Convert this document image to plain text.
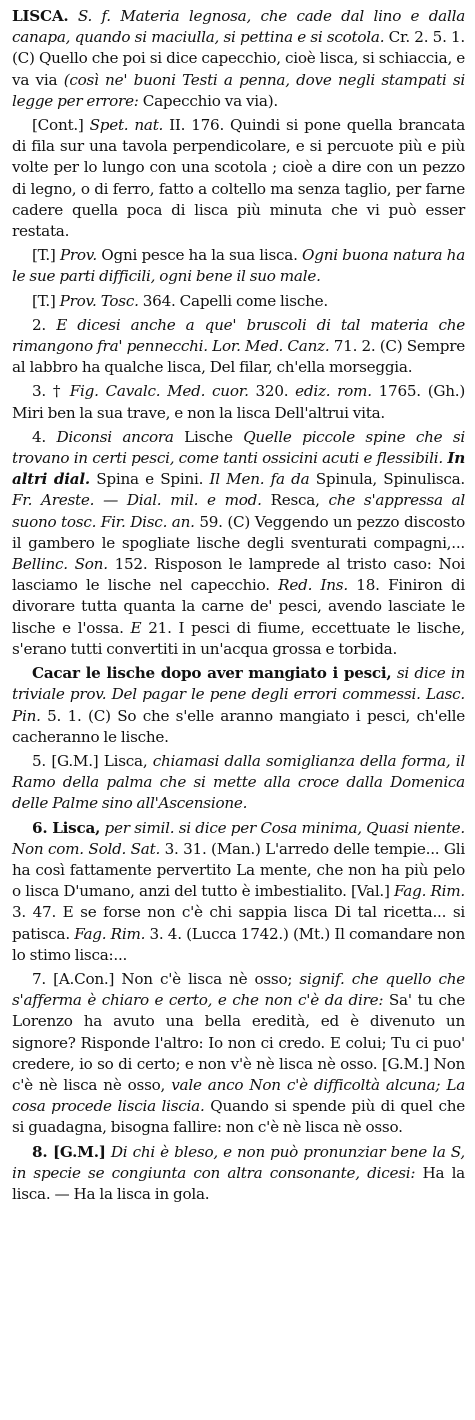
LISCA. S. f. Materia legnosa, che cade dal lino e dalla canapa, quando si maciulla, si pettina e si scotola. Cr. 2. 5. 1. (C) Quello che poi si dice capecchio, cioè lisca, si schiaccia, e va via (così ne' buoni Testi a penna, dove negli stampati si legge per errore: Capecchio va via).

[Cont.] Spet. nat. II. 176. Quindi si pone quella brancata di fila sur una tavola perpendicolare, e si percuote più e più volte per lo lungo con una scotola ; cioè a dire con un pezzo di legno, o di ferro, fatto a coltello ma senza taglio, per farne cadere quella poca di lisca più minuta che vi può esser restata.

[T.] Prov. Ogni pesce ha la sua lisca. Ogni buona natura ha le sue parti difficili, ogni bene il suo male.

[T.] Prov. Tosc. 364. Capelli come lische.

2. E dicesi anche a que' bruscoli di tal materia che rimangono fra' pennecchi. Lor. Med. Canz. 71. 2. (C) Sempre al labbro ha qualche lisca, Del filar, ch'ella morseggia.

3. † Fig. Cavalc. Med. cuor. 320. ediz. rom. 1765. (Gh.) Miri ben la sua trave, e non la lisca Dell'altrui vita.

4. Diconsi ancora Lische Quelle piccole spine che si trovano in certi pesci, come tanti ossicini acuti e flessibili. In altri dial. Spina e Spini. Il Men. fa da Spinula, Spinulisca. Fr. Areste. — Dial. mil. e mod. Resca, che s'appressa al suono tosc. Fir. Disc. an. 59. (C) Veggendo un pezzo discosto il gambero le spogliate lische degli sventurati compagni,... Bellinc. Son. 152. Risposon le lamprede al tristo caso: Noi lasciamo le lische nel capecchio. Red. Ins. 18. Finiron di divorare tutta quanta la carne de' pesci, avendo lasciate le lische e l'ossa. E 21. I pesci di fiume, eccettuate le lische, s'erano tutti convertiti in un'acqua grossa e torbida.

Cacar le lische dopo aver mangiato i pesci, si dice in triviale prov. Del pagar le pene degli errori commessi. Lasc. Pin. 5. 1. (C) So che s'elle aranno mangiato i pesci, ch'elle cacheranno le lische.

5. [G.M.] Lisca, chiamasi dalla somiglianza della forma, il Ramo della palma che si mette alla croce dalla Domenica delle Palme sino all'Ascensione.

6. Lisca, per simil. si dice per Cosa minima, Quasi niente. Non com. Sold. Sat. 3. 31. (Man.) L'arredo delle tempie... Gli ha così fattamente pervertito La mente, che non ha più pelo o lisca D'umano, anzi del tutto è imbestialito. [Val.] Fag. Rim. 3. 47. E se forse non c'è chi sappia lisca Di tal ricetta... si patisca. Fag. Rim. 3. 4. (Lucca 1742.) (Mt.) Il comandare non lo stimo lisca:...

7. [A.Con.] Non c'è lisca nè osso; signif. che quello che s'afferma è chiaro e certo, e che non c'è da dire: Sa' tu che Lorenzo ha avuto una bella eredità, ed è divenuto un signore? Risponde l'altro: Io non ci credo. E colui; Tu ci puo' credere, io so di certo; e non v'è nè lisca nè osso. [G.M.] Non c'è nè lisca nè osso, vale anco Non c'è difficoltà alcuna; La cosa procede liscia liscia. Quando si spende più di quel che si guadagna, bisogna fallire: non c'è nè lisca nè osso.

8. [G.M.] Di chi è bleso, e non può pronunziar bene la S, in specie se congiunta con altra consonante, dicesi: Ha la lisca. — Ha la lisca in gola.
